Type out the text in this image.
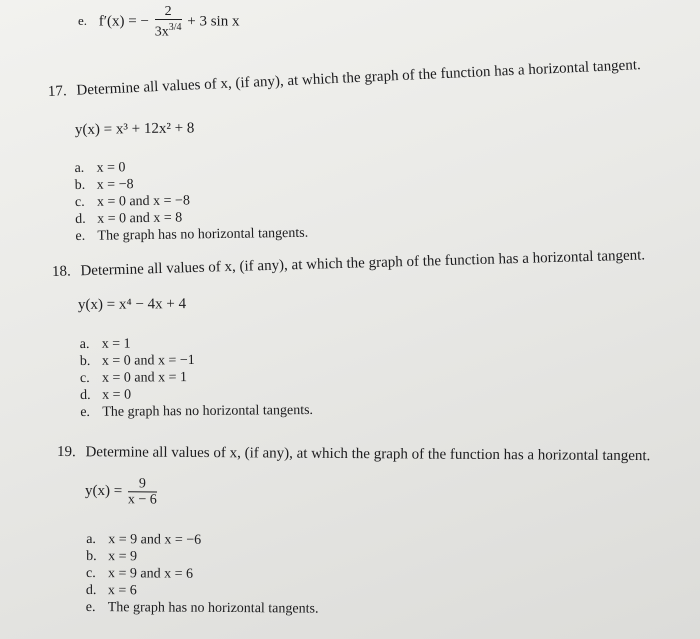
e. f′(x) = − $\frac{2}{3x^{3/4}} + 3$ sin x
17. Determine all values of x, (if any), at which the graph of the function has a horizontal tangent.
y(x) = x³ + 12x² + 8
a. x = 0
b. x = −8
c. x = 0 and x = −8
d. x = 0 and x = 8
e. The graph has no horizontal tangents.
18. Determine all values of x, (if any), at which the graph of the function has a horizontal tangent.
y(x) = x⁴ − 4x + 4
a. x = 1
b. x = 0 and x = −1
c. x = 0 and x = 1
d. x = 0
e. The graph has no horizontal tangents.
19. Determine all values of x, (if any), at which the graph of the function has a horizontal tangent.
$y(x) = \frac{9}{x - 6}$
a. x = 9 and x = −6
b. x = 9
c. x = 9 and x = 6
d. x = 6
e. The graph has no horizontal tangents.
